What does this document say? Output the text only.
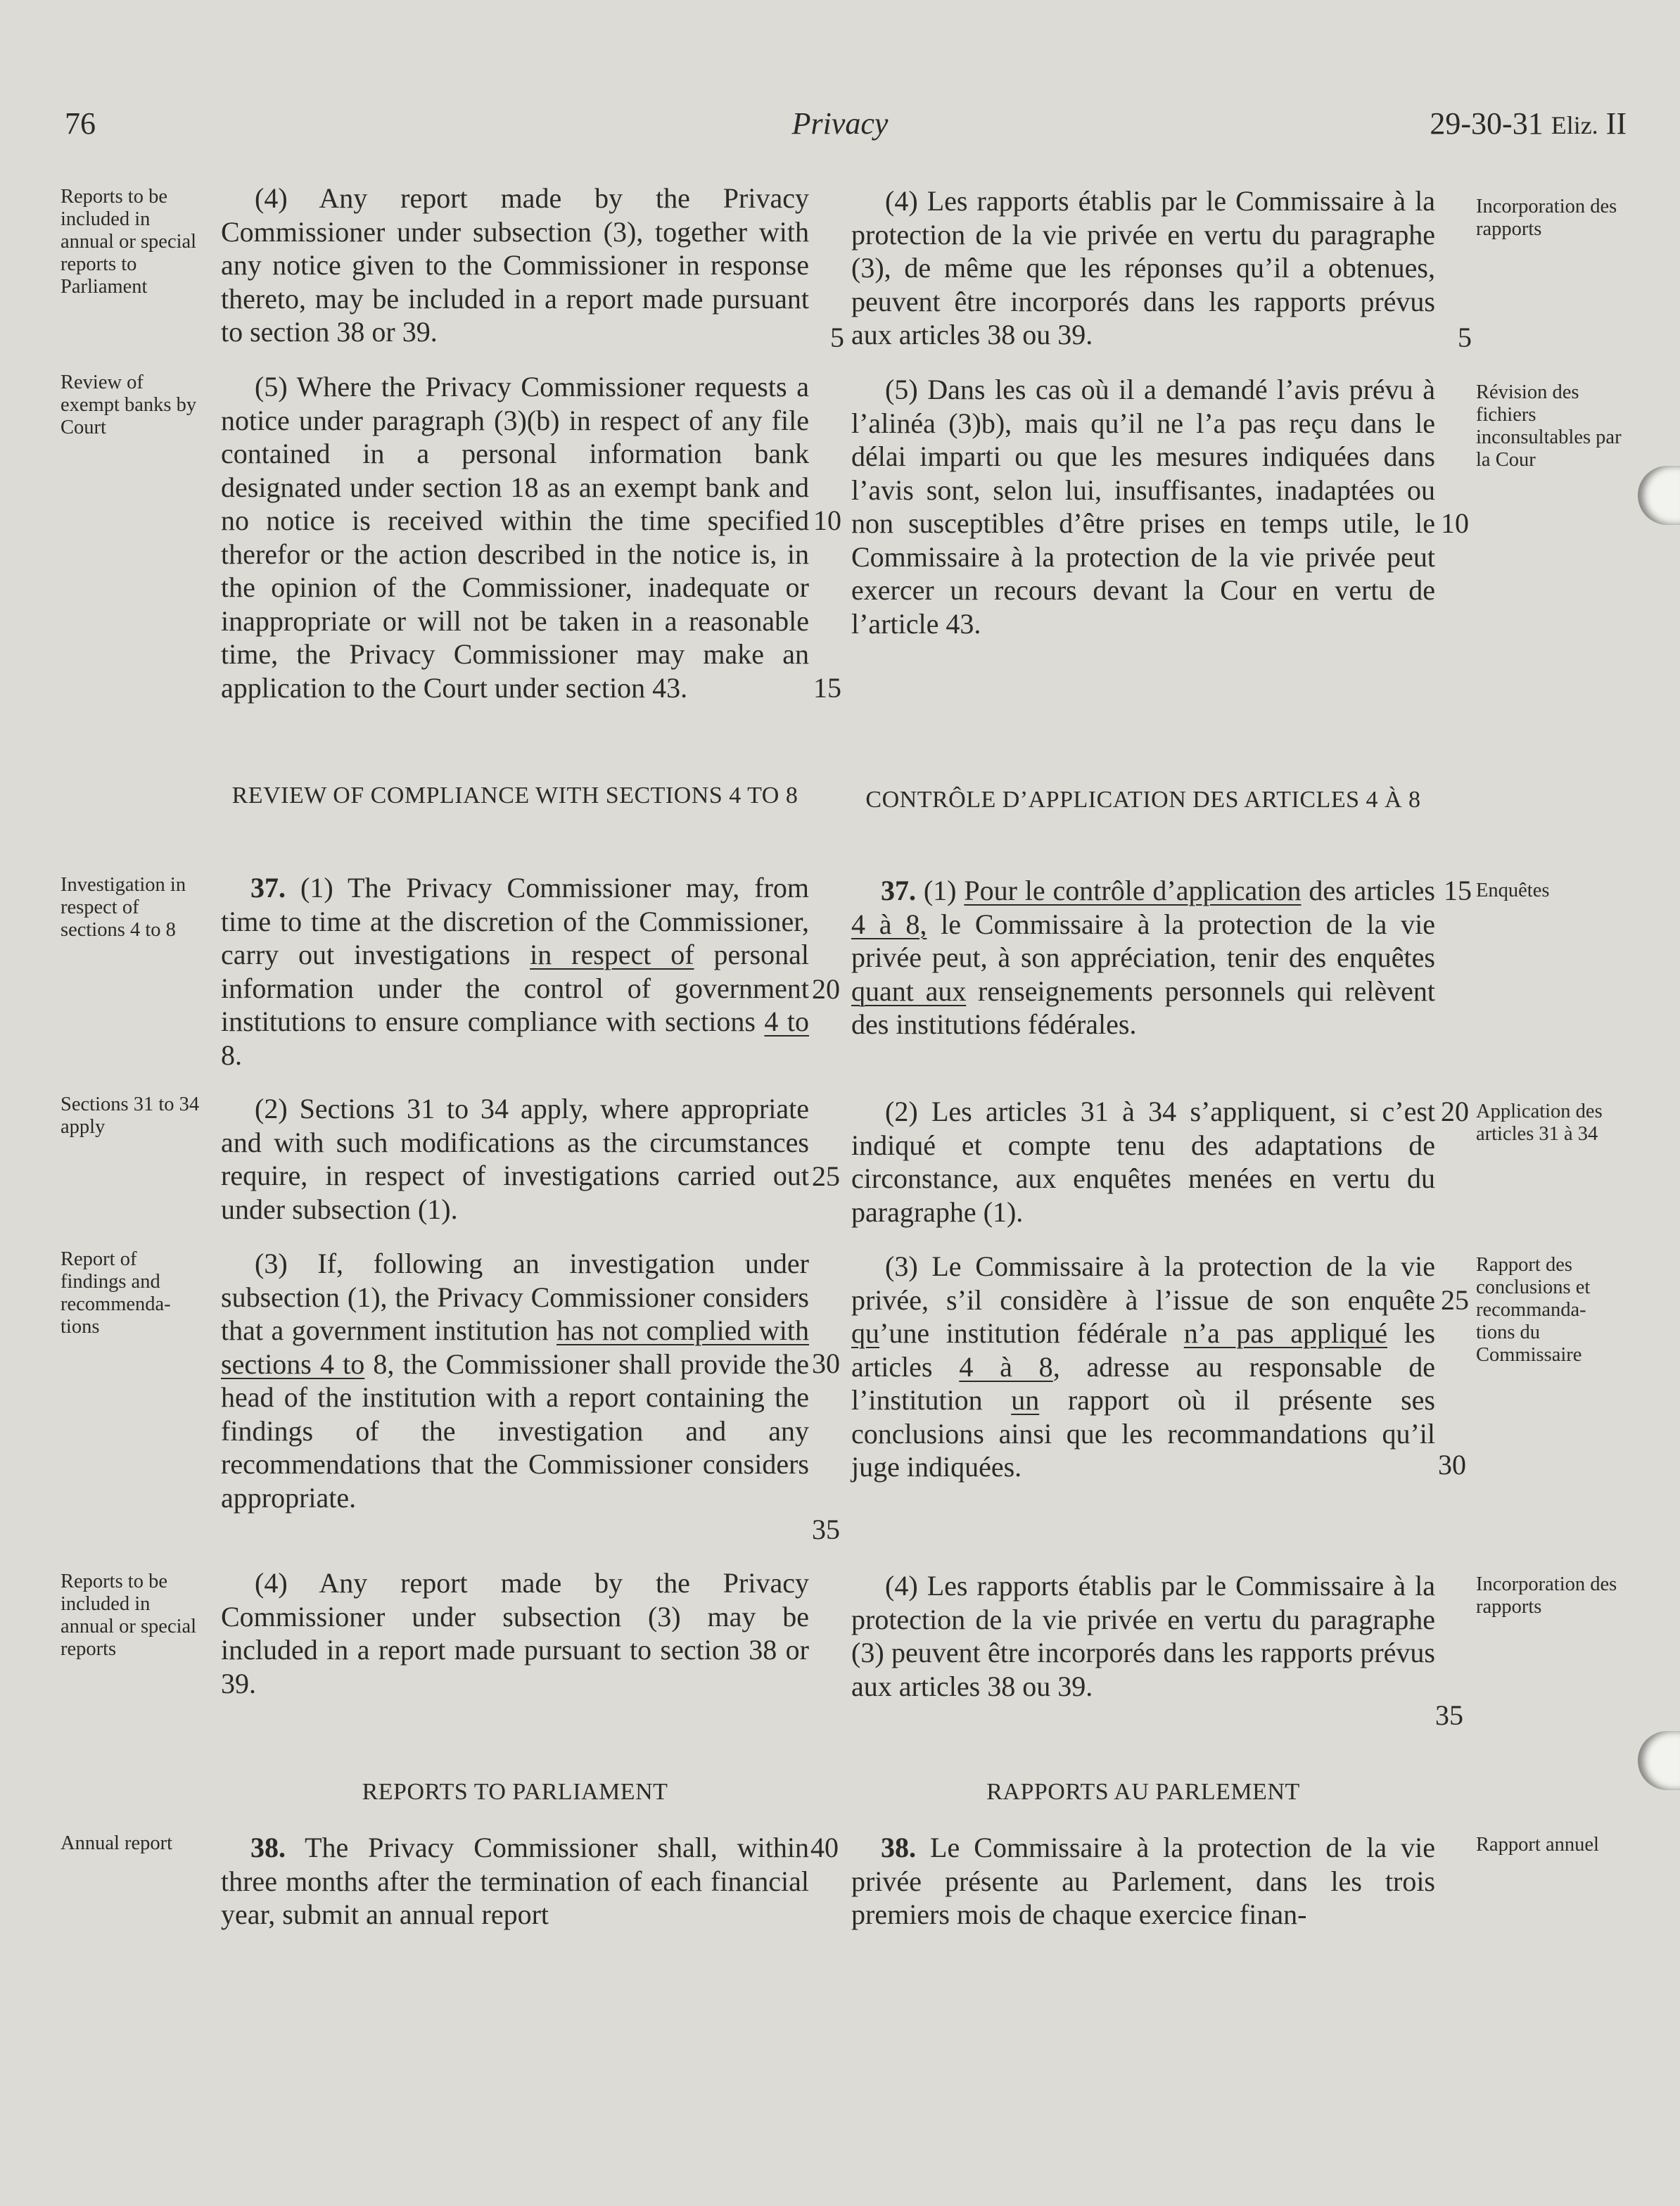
76	Privacy	29-30-31 Eliz. II
Reports to be included in annual or special reports to Parliament
Review of exempt banks by Court
Investigation in respect of sections 4 to 8
Sections 31 to 34 apply
Report of findings and recommenda-tions
Reports to be included in annual or special reports
Annual report
Incorporation des rapports
Révision des fichiers inconsultables par la Cour
Enquêtes
Application des articles 31 à 34
Rapport des conclusions et recommanda-tions du Commissaire
Incorporation des rapports
Rapport annuel

(4) Any report made by the Privacy Commissioner under subsection (3), together with any notice given to the Commissioner in response thereto, may be included in a report made pursuant to section 38 or 39.

(5) Where the Privacy Commissioner requests a notice under paragraph (3)(b) in respect of any file contained in a personal information bank designated under section 18 as an exempt bank and no notice is received within the time specified therefor or the action described in the notice is, in the opinion of the Commissioner, inadequate or inappropriate or will not be taken in a reasonable time, the Privacy Commissioner may make an application to the Court under section 43.

REVIEW OF COMPLIANCE WITH SECTIONS 4 TO 8

37. (1) The Privacy Commissioner may, from time to time at the discretion of the Commissioner, carry out investigations in respect of personal information under the control of government institutions to ensure compliance with sections 4 to 8.

(2) Sections 31 to 34 apply, where appropriate and with such modifications as the circumstances require, in respect of investigations carried out under subsection (1).

(3) If, following an investigation under subsection (1), the Privacy Commissioner considers that a government institution has not complied with sections 4 to 8, the Commissioner shall provide the head of the institution with a report containing the findings of the investigation and any recommendations that the Commissioner considers appropriate.

(4) Any report made by the Privacy Commissioner under subsection (3) may be included in a report made pursuant to section 38 or 39.

REPORTS TO PARLIAMENT

38. The Privacy Commissioner shall, within three months after the termination of each financial year, submit an annual report

(4) Les rapports établis par le Commissaire à la protection de la vie privée en vertu du paragraphe (3), de même que les réponses qu’il a obtenues, peuvent être incorporés dans les rapports prévus aux articles 38 ou 39.

(5) Dans les cas où il a demandé l’avis prévu à l’alinéa (3)b), mais qu’il ne l’a pas reçu dans le délai imparti ou que les mesures indiquées dans l’avis sont, selon lui, insuffisantes, inadaptées ou non susceptibles d’être prises en temps utile, le Commissaire à la protection de la vie privée peut exercer un recours devant la Cour en vertu de l’article 43.

CONTRÔLE D’APPLICATION DES ARTICLES 4 À 8

37. (1) Pour le contrôle d’application des articles 4 à 8, le Commissaire à la protection de la vie privée peut, à son appréciation, tenir des enquêtes quant aux renseignements personnels qui relèvent des institutions fédérales.

(2) Les articles 31 à 34 s’appliquent, si c’est indiqué et compte tenu des adaptations de circonstance, aux enquêtes menées en vertu du paragraphe (1).

(3) Le Commissaire à la protection de la vie privée, s’il considère à l’issue de son enquête qu’une institution fédérale n’a pas appliqué les articles 4 à 8, adresse au responsable de l’institution un rapport où il présente ses conclusions ainsi que les recommandations qu’il juge indiquées.

(4) Les rapports établis par le Commissaire à la protection de la vie privée en vertu du paragraphe (3) peuvent être incorporés dans les rapports prévus aux articles 38 ou 39.

RAPPORTS AU PARLEMENT

38. Le Commissaire à la protection de la vie privée présente au Parlement, dans les trois premiers mois de chaque exercice finan-

5
10
15
20
25
30
35
40
5
10
15
20
25
30
35
